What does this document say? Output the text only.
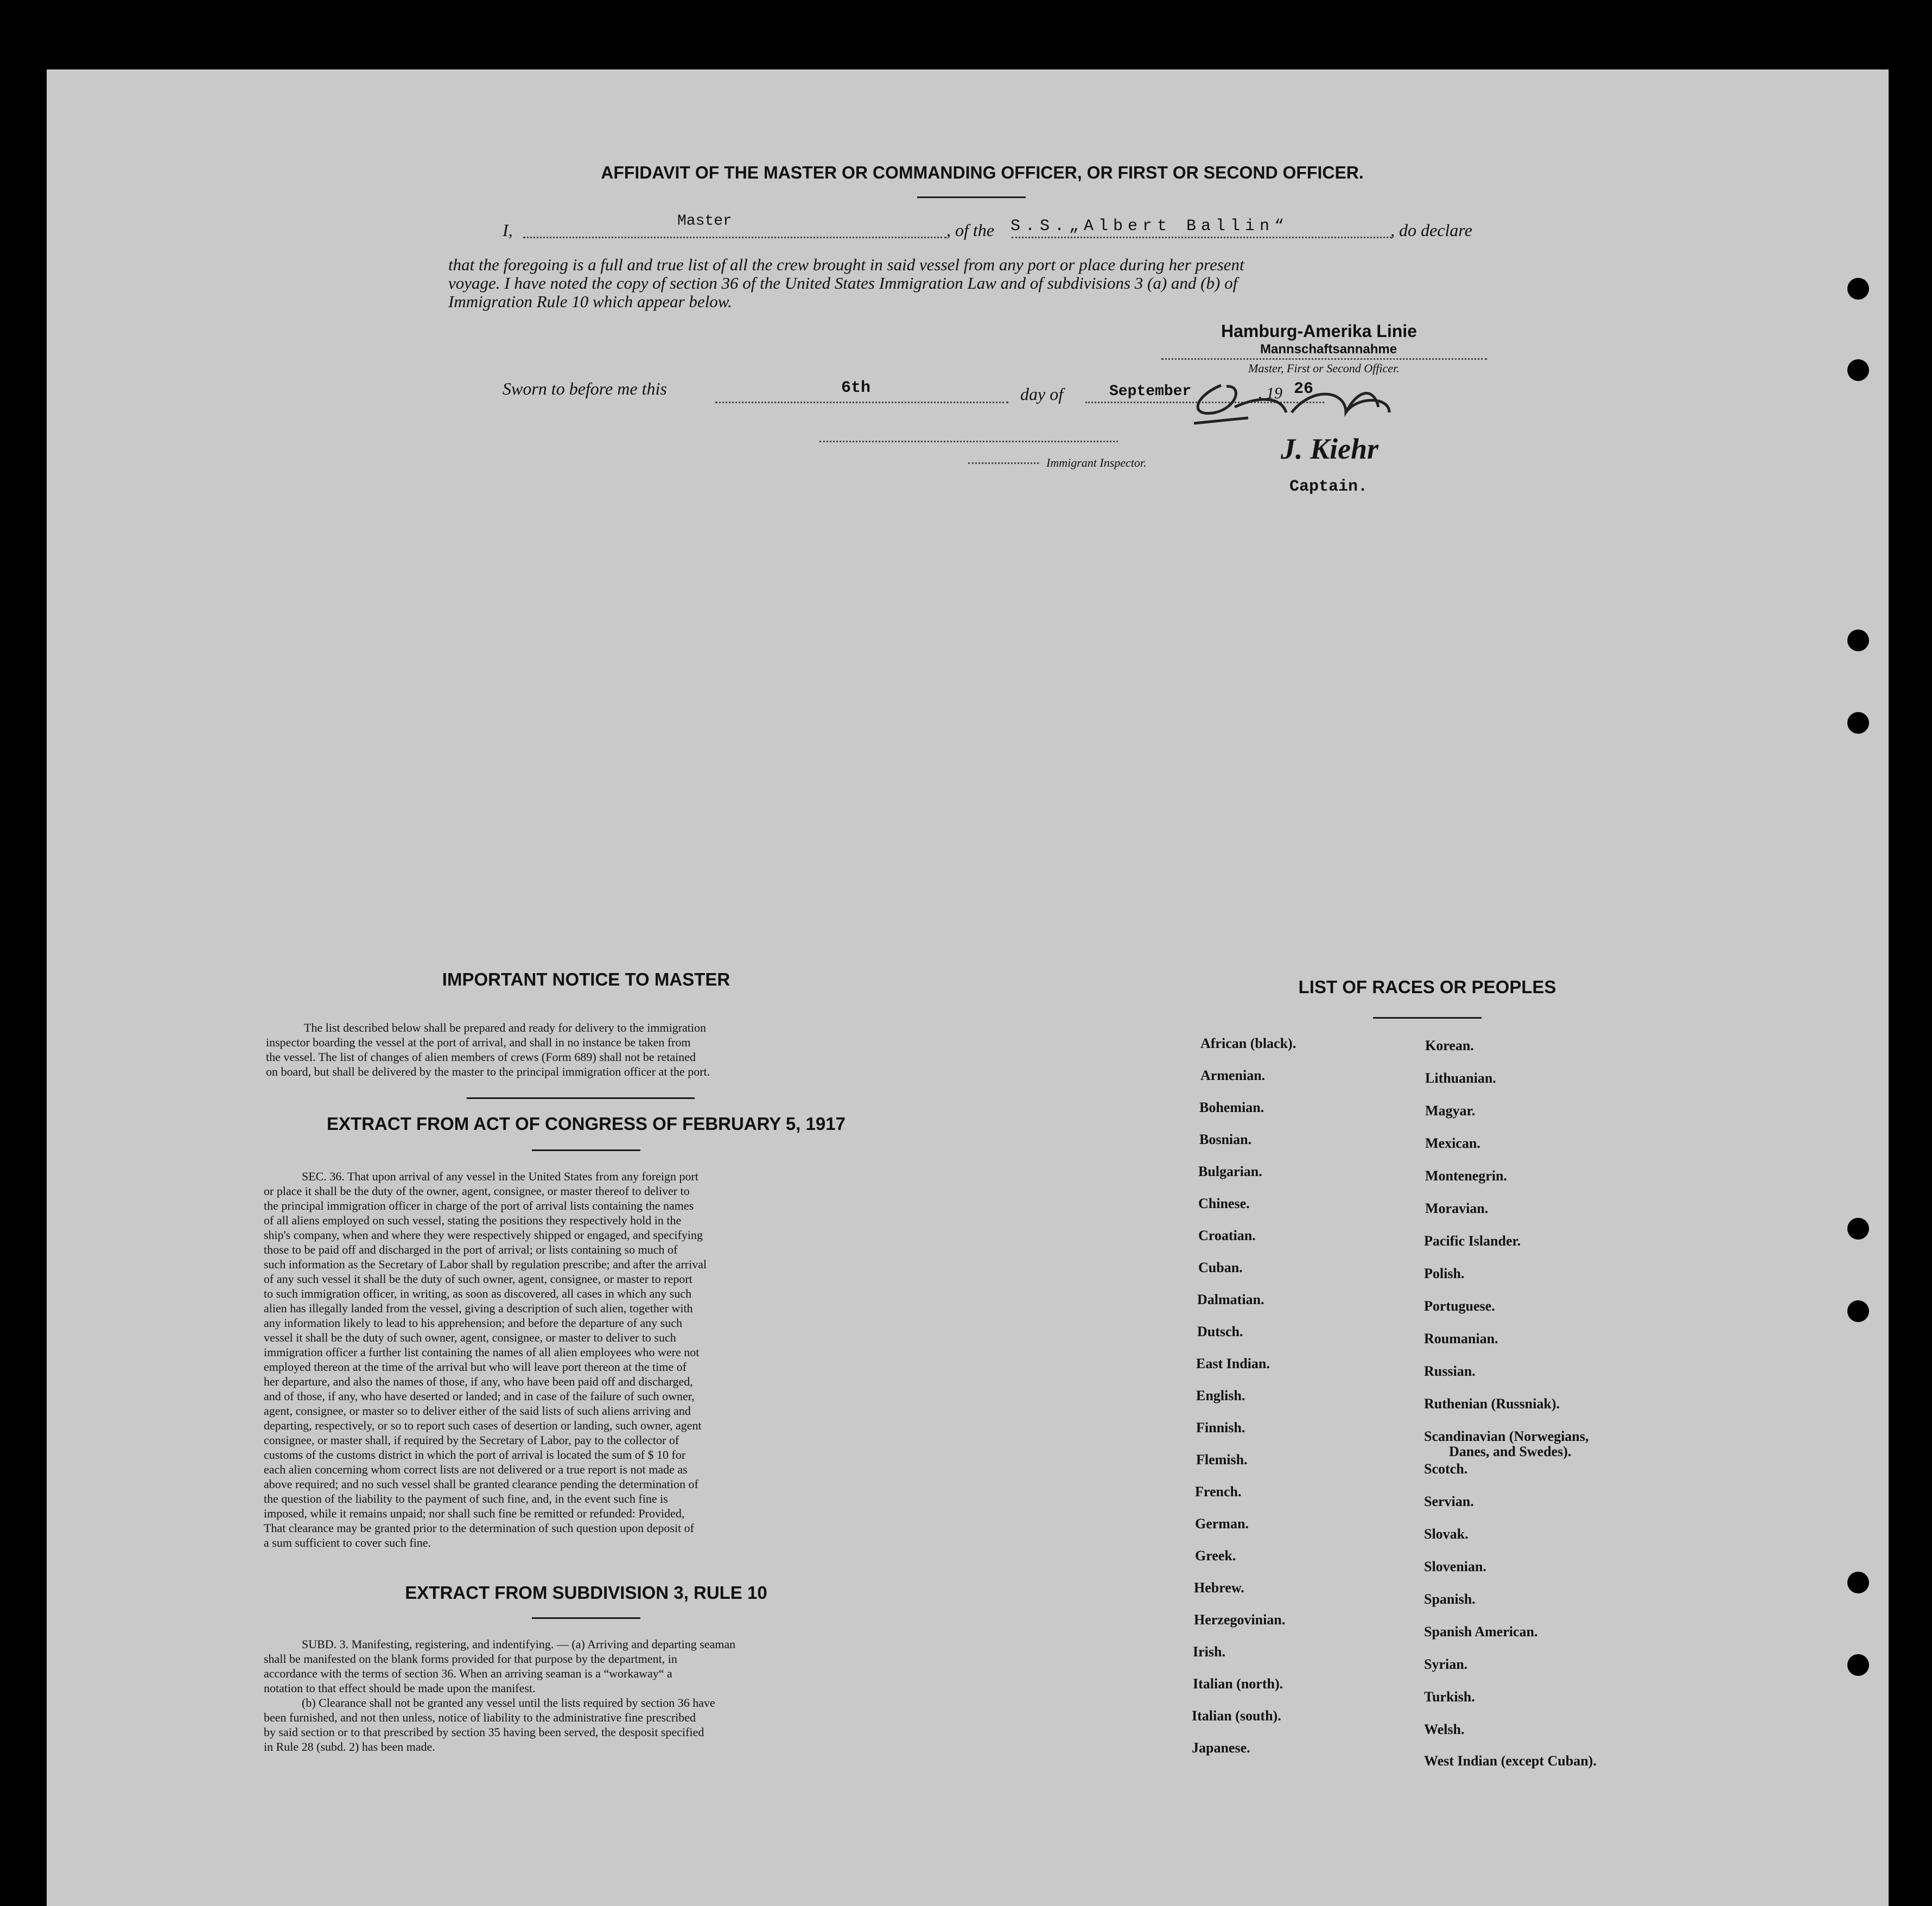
AFFIDAVIT OF THE MASTER OR COMMANDING OFFICER, OR FIRST OR SECOND OFFICER.
I,	Master	, of the S.S.„Albert Ballin“	, do declare
that the foregoing is a full and true list of all the crew brought in said vessel from any port or place during her present
voyage. I have noted the copy of section 36 of the United States Immigration Law and of subdivisions 3 (a) and (b) of
Immigration Rule 10 which appear below.
Hamburg-Amerika Linie
Mannschaftsannahme
Master, First or Second Officer.
Sworn to before me this	6th	day of	September	, 19 26
Immigrant Inspector.	J. Kiehr
Captain.
IMPORTANT NOTICE TO MASTER
The list described below shall be prepared and ready for delivery to the immigration
inspector boarding the vessel at the port of arrival, and shall in no instance be taken from
the vessel. The list of changes of alien members of crews (Form 689) shall not be retained
on board, but shall be delivered by the master to the principal immigration officer at the port.
EXTRACT FROM ACT OF CONGRESS OF FEBRUARY 5, 1917
SEC. 36. That upon arrival of any vessel in the United States from any foreign port
or place it shall be the duty of the owner, agent, consignee, or master thereof to deliver to
the principal immigration officer in charge of the port of arrival lists containing the names
of all aliens employed on such vessel, stating the positions they respectively hold in the
ship's company, when and where they were respectively shipped or engaged, and specifying
those to be paid off and discharged in the port of arrival; or lists containing so much of
such information as the Secretary of Labor shall by regulation prescribe; and after the arrival
of any such vessel it shall be the duty of such owner, agent, consignee, or master to report
to such immigration officer, in writing, as soon as discovered, all cases in which any such
alien has illegally landed from the vessel, giving a description of such alien, together with
any information likely to lead to his apprehension; and before the departure of any such
vessel it shall be the duty of such owner, agent, consignee, or master to deliver to such
immigration officer a further list containing the names of all alien employees who were not
employed thereon at the time of the arrival but who will leave port thereon at the time of
her departure, and also the names of those, if any, who have been paid off and discharged,
and of those, if any, who have deserted or landed; and in case of the failure of such owner,
agent, consignee, or master so to deliver either of the said lists of such aliens arriving and
departing, respectively, or so to report such cases of desertion or landing, such owner, agent
consignee, or master shall, if required by the Secretary of Labor, pay to the collector of
customs of the customs district in which the port of arrival is located the sum of $ 10 for
each alien concerning whom correct lists are not delivered or a true report is not made as
above required; and no such vessel shall be granted clearance pending the determination of
the question of the liability to the payment of such fine, and, in the event such fine is
imposed, while it remains unpaid; nor shall such fine be remitted or refunded: Provided,
That clearance may be granted prior to the determination of such question upon deposit of
a sum sufficient to cover such fine.
EXTRACT FROM SUBDIVISION 3, RULE 10
SUBD. 3. Manifesting, registering, and indentifying. — (a) Arriving and departing seaman
shall be manifested on the blank forms provided for that purpose by the department, in
accordance with the terms of section 36. When an arriving seaman is a “workaway“ a
notation to that effect should be made upon the manifest.
(b) Clearance shall not be granted any vessel until the lists required by section 36 have
been furnished, and not then unless, notice of liability to the administrative fine prescribed
by said section or to that prescribed by section 35 having been served, the desposit specified
in Rule 28 (subd. 2) has been made.
LIST OF RACES OR PEOPLES
African (black).
Armenian.
Bohemian.
Bosnian.
Bulgarian.
Chinese.
Croatian.
Cuban.
Dalmatian.
Dutsch.
East Indian.
English.
Finnish.
Flemish.
French.
German.
Greek.
Hebrew.
Herzegovinian.
Irish.
Italian (north).
Italian (south).
Japanese.
Korean.
Lithuanian.
Magyar.
Mexican.
Montenegrin.
Moravian.
Pacific Islander.
Polish.
Portuguese.
Roumanian.
Russian.
Ruthenian (Russniak).
Scandinavian (Norwegians,
Danes, and Swedes).
Scotch.
Servian.
Slovak.
Slovenian.
Spanish.
Spanish American.
Syrian.
Turkish.
Welsh.
West Indian (except Cuban).
